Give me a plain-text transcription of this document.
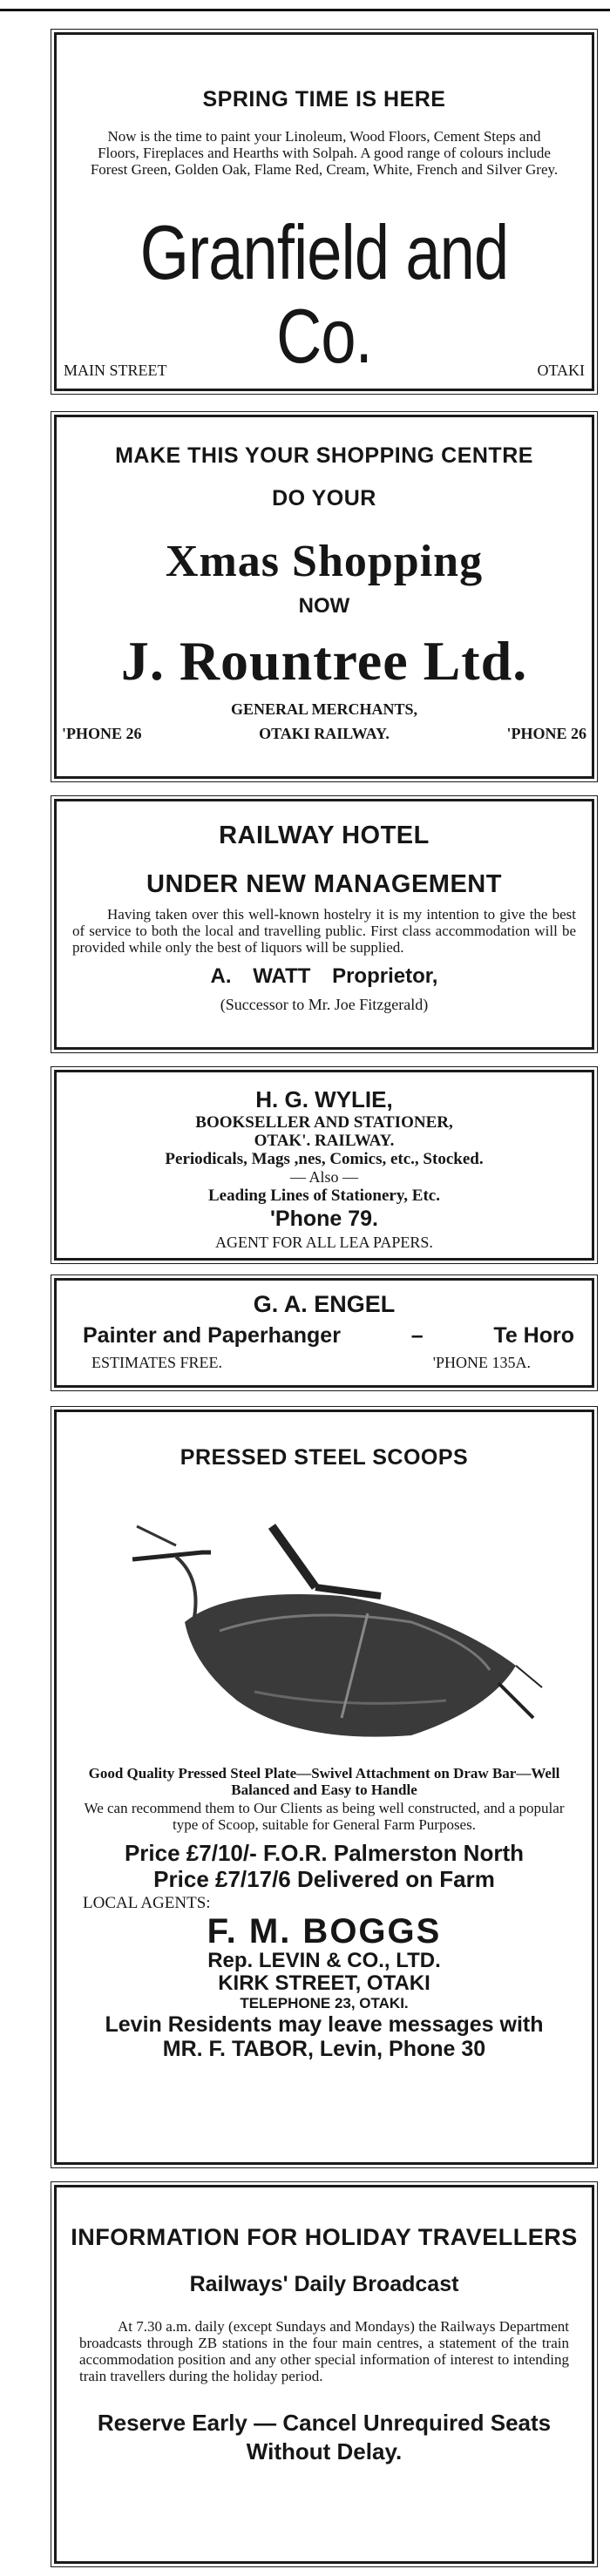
SPRING TIME IS HERE
Now is the time to paint your Linoleum, Wood Floors, Cement Steps and Floors, Fireplaces and Hearths with Solpah. A good range of colours include Forest Green, Golden Oak, Flame Red, Cream, White, French and Silver Grey.
Granfield and Co.
MAIN STREET	OTAKI
MAKE THIS YOUR SHOPPING CENTRE
DO YOUR
Xmas Shopping
NOW
J. Rountree Ltd.
GENERAL MERCHANTS,
OTAKI RAILWAY.
'PHONE 26	'PHONE 26
RAILWAY HOTEL
UNDER NEW MANAGEMENT
Having taken over this well-known hostelry it is my intention to give the best of service to both the local and travelling public. First class accommodation will be provided while only the best of liquors will be supplied.
A. WATT Proprietor,
(Successor to Mr. Joe Fitzgerald)
H. G. WYLIE,
BOOKSELLER AND STATIONER,
OTAK'. RAILWAY.
Periodicals, Mags ,nes, Comics, etc., Stocked.
— Also —
Leading Lines of Stationery, Etc.
'Phone 79.
AGENT FOR ALL LEA PAPERS.
G. A. ENGEL
Painter and Paperhanger	–	Te Horo
ESTIMATES FREE.	'PHONE 135A.
PRESSED STEEL SCOOPS
Good Quality Pressed Steel Plate—Swivel Attachment on Draw Bar—Well Balanced and Easy to Handle
We can recommend them to Our Clients as being well constructed, and a popular type of Scoop, suitable for General Farm Purposes.
Price £7/10/- F.O.R. Palmerston North
Price £7/17/6 Delivered on Farm
LOCAL AGENTS:
F. M. BOGGS
Rep. LEVIN & CO., LTD.
KIRK STREET, OTAKI
TELEPHONE 23, OTAKI.
Levin Residents may leave messages with
MR. F. TABOR, Levin, Phone 30
INFORMATION FOR HOLIDAY TRAVELLERS
Railways' Daily Broadcast
At 7.30 a.m. daily (except Sundays and Mondays) the Railways Department broadcasts through ZB stations in the four main centres, a statement of the train accommodation position and any other special information of interest to intending train travellers during the holiday period.
Reserve Early — Cancel Unrequired Seats Without Delay.
